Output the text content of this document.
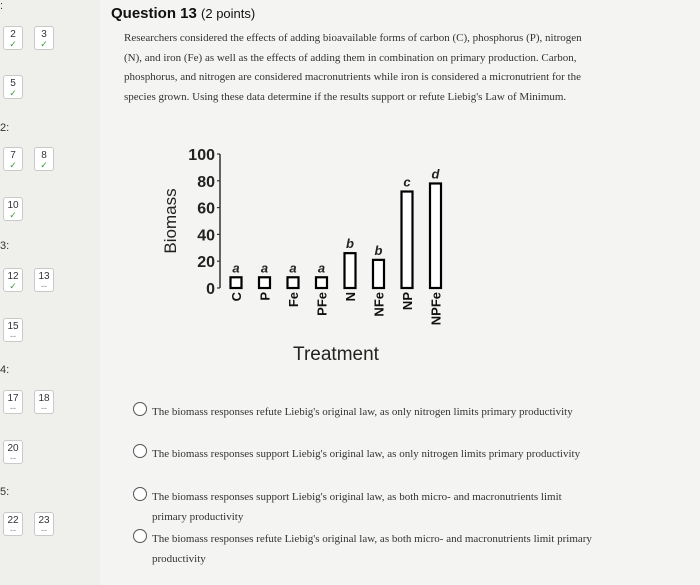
:
2:
3:
4:
5:
2
✓
3
✓
5
✓
7
✓
8
✓
10
✓
12
✓
13
--
15
--
17
--
18
--
20
--
22
--
23
--
Question 13 (2 points)
Researchers considered the effects of adding bioavailable forms of carbon (C), phosphorus (P), nitrogen (N), and iron (Fe) as well as the effects of adding them in combination on primary production. Carbon, phosphorus, and nitrogen are considered macronutrients while iron is considered a micronutrient for the species grown. Using these data determine if the results support or refute Liebig's Law of Minimum.
100
80
60
40
20
0
Biomass
a
C
a
P
a
Fe
a
PFe
b
N
b
NFe
c
NP
d
NPFe
Treatment
The biomass responses refute Liebig's original law, as only nitrogen limits primary productivity
The biomass responses support Liebig's original law, as only nitrogen limits primary productivity
The biomass responses support Liebig's original law, as both micro- and macronutrients limit primary productivity
The biomass responses refute Liebig's original law, as both micro- and macronutrients limit primary productivity
